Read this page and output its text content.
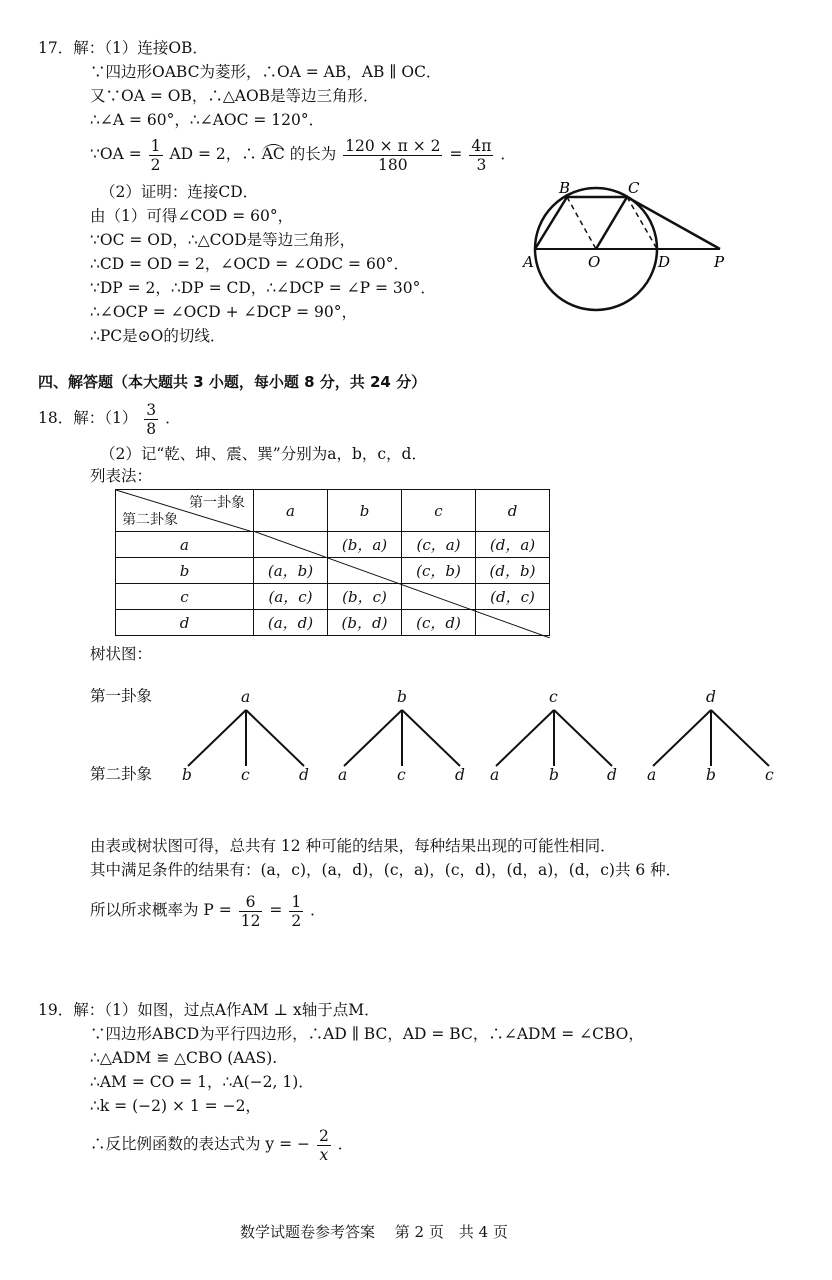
17．解：（1）连接OB．
∵四边形OABC为菱形，∴OA = AB，AB ∥ OC．
又∵OA = OB，∴△AOB是等边三角形．
∴∠A = 60°，∴∠AOC = 120°．
∵OA = $\frac{1}{2}$ AD = 2，∴ AC 的长为 $\frac{120 \times \pi \times 2}{180} = \frac{4\pi}{3}$ ．
（2）证明：连接CD．
由（1）可得∠COD = 60°，
∵OC = OD，∴△COD是等边三角形，
∴CD = OD = 2，∠OCD = ∠ODC = 60°．
∵DP = 2，∴DP = CD，∴∠DCP = ∠P = 30°．
∴∠OCP = ∠OCD + ∠DCP = 90°，
∴PC是⊙O的切线．
B	C
A	O	D	P
四、解答题（本大题共 3 小题，每小题 8 分，共 24 分）
18．解：$(1) \frac{3}{8}$ ．
（2）记“乾、坤、震、巽”分别为a，b，c，d．
列表法：
第一卦象
第二卦象	a	b	c	d
a		(b，a)	(c，a)	(d，a)
b	(a，b)		(c，b)	(d，b)
c	(a，c)	(b，c)		(d，c)
d	(a，d)	(b，d)	(c，d)	
树状图：
第一卦象
第二卦象
a	b	c	d
b	c	d a	c	d a	b	d a	b	c
由表或树状图可得，总共有 12 种可能的结果，每种结果出现的可能性相同．
其中满足条件的结果有：(a，c)，(a，d)，(c，a)，(c，d)，(d，a)，(d，c)共 6 种．
所以所求概率为 $P = \frac{6}{12} = \frac{1}{2}$ ．
19．解：（1）如图，过点A作AM ⊥ x轴于点M．
∵四边形ABCD为平行四边形，∴AD ∥ BC，AD = BC，∴∠ADM = ∠CBO，
∴△ADM ≌ △CBO (AAS).
∴AM = CO = 1，∴A(−2, 1)．
∴k = (−2) × 1 = −2，
∴反比例函数的表达式为 y = − $\frac{2}{x}$ ．
数学试题卷参考答案　 第 2 页　共 4 页
